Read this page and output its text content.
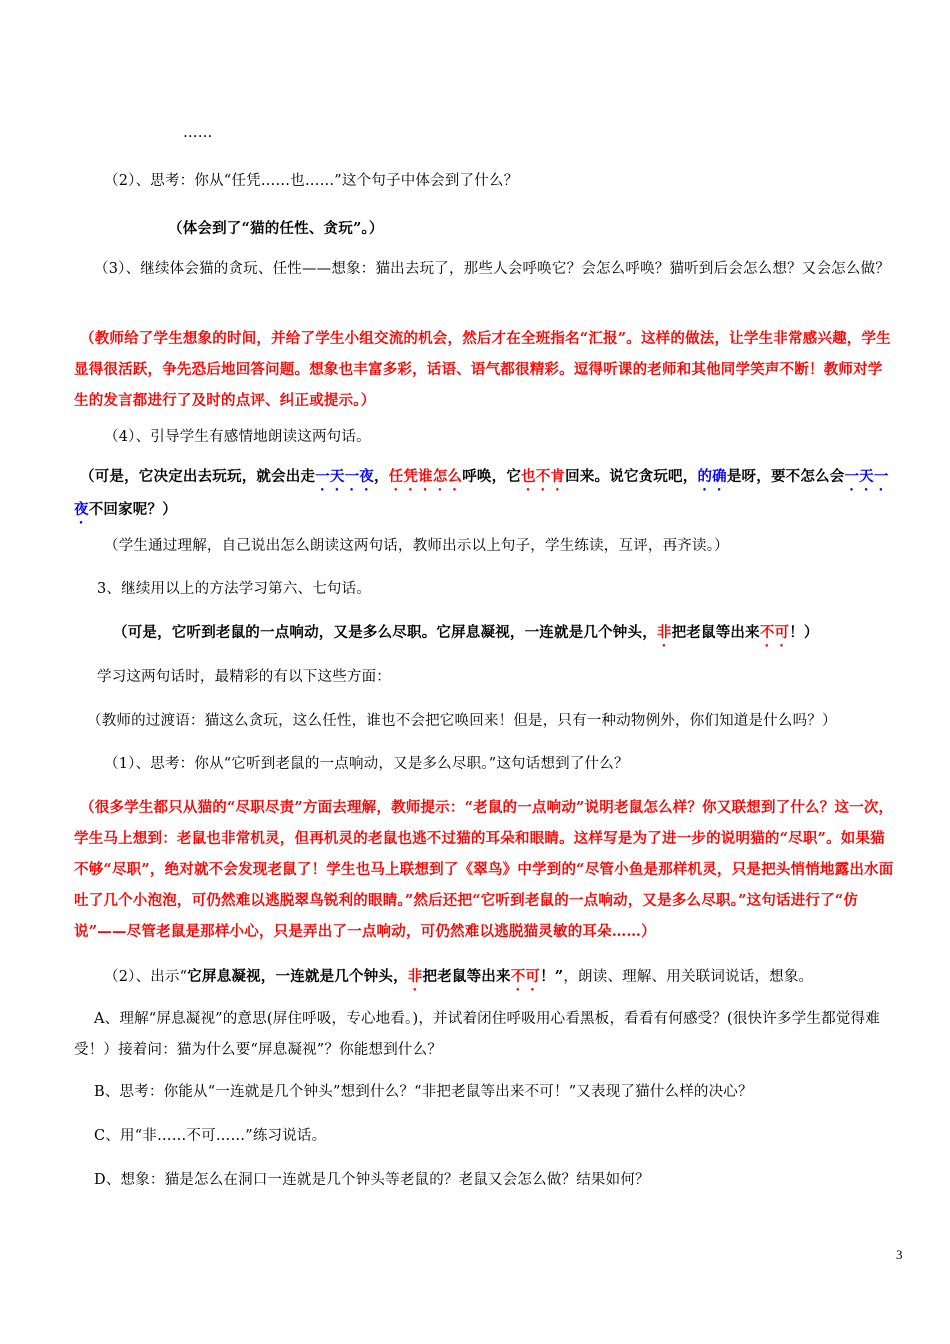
……
（2）、思考：你从“任凭……也……”这个句子中体会到了什么？
（体会到了“猫的任性、贪玩”。）
（3）、继续体会猫的贪玩、任性——想象：猫出去玩了，那些人会呼唤它？会怎么呼唤？猫听到后会怎么想？又会怎么做？
（教师给了学生想象的时间，并给了学生小组交流的机会，然后才在全班指名“汇报”。这样的做法，让学生非常感兴趣，学生显得很活跃，争先恐后地回答问题。想象也丰富多彩，话语、语气都很精彩。逗得听课的老师和其他同学笑声不断！教师对学生的发言都进行了及时的点评、纠正或提示。）
（4）、引导学生有感情地朗读这两句话。
（可是，它决定出去玩玩，就会出走一天一夜，任凭谁怎么呼唤，它也不肯回来。说它贪玩吧，的确是呀，要不怎么会一天一夜不回家呢？）
（学生通过理解，自己说出怎么朗读这两句话，教师出示以上句子，学生练读，互评，再齐读。）
3、继续用以上的方法学习第六、七句话。
（可是，它听到老鼠的一点响动，又是多么尽职。它屏息凝视，一连就是几个钟头，非把老鼠等出来不可！）
学习这两句话时，最精彩的有以下这些方面：
（教师的过渡语：猫这么贪玩，这么任性，谁也不会把它唤回来！但是，只有一种动物例外，你们知道是什么吗？）
（1）、思考：你从“它听到老鼠的一点响动，又是多么尽职。”这句话想到了什么？
（很多学生都只从猫的“尽职尽责”方面去理解，教师提示：“老鼠的一点响动”说明老鼠怎么样？你又联想到了什么？这一次，学生马上想到：老鼠也非常机灵，但再机灵的老鼠也逃不过猫的耳朵和眼睛。这样写是为了进一步的说明猫的“尽职”。如果猫不够“尽职”，绝对就不会发现老鼠了！学生也马上联想到了《翠鸟》中学到的“尽管小鱼是那样机灵，只是把头悄悄地露出水面吐了几个小泡泡，可仍然难以逃脱翠鸟锐利的眼睛。”然后还把“它听到老鼠的一点响动，又是多么尽职。”这句话进行了“仿说”——尽管老鼠是那样小心，只是弄出了一点响动，可仍然难以逃脱猫灵敏的耳朵……）
（2）、出示“它屏息凝视，一连就是几个钟头，非把老鼠等出来不可！”，朗读、理解、用关联词说话，想象。
A、理解“屏息凝视”的意思(屏住呼吸，专心地看。)，并试着闭住呼吸用心看黑板，看看有何感受？(很快许多学生都觉得难受！）接着问：猫为什么要“屏息凝视”？你能想到什么？
B、思考：你能从“一连就是几个钟头”想到什么？“非把老鼠等出来不可！”又表现了猫什么样的决心？
C、用“非……不可……”练习说话。
D、想象：猫是怎么在洞口一连就是几个钟头等老鼠的？老鼠又会怎么做？结果如何？
3
